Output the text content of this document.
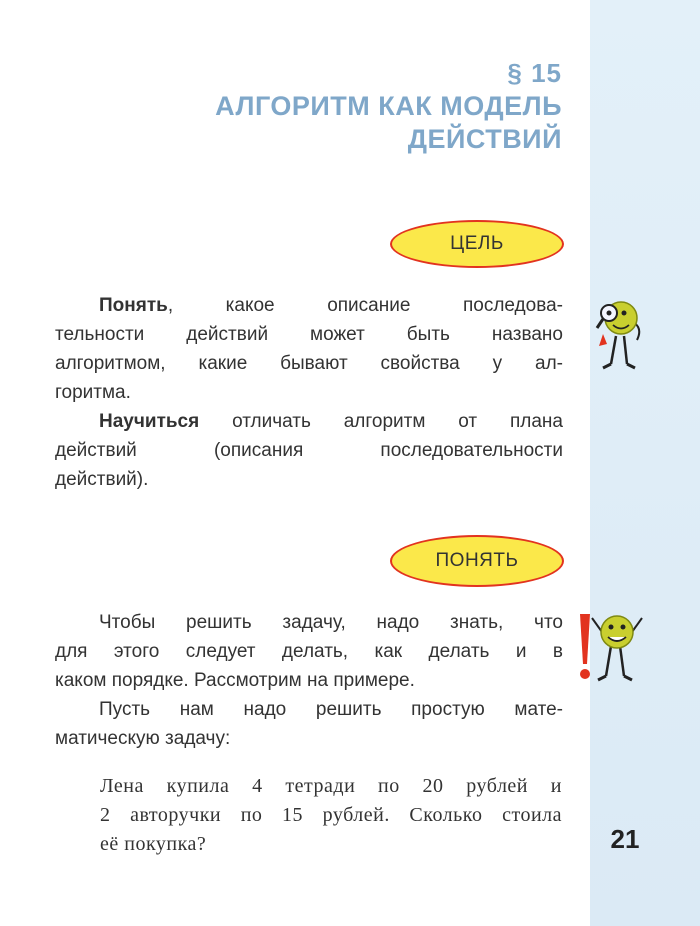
§ 15
АЛГОРИТМ КАК МОДЕЛЬ
ДЕЙСТВИЙ
ЦЕЛЬ

Понять, какое описание последова-

тельности действий может быть названо

алгоритмом, какие бывают свойства у ал-

горитма.

Научиться отличать алгоритм от плана

действий (описания последовательности

действий).

ПОНЯТЬ

Чтобы решить задачу, надо знать, что

для этого следует делать, как делать и в

каком порядке. Рассмотрим на примере.

Пусть нам надо решить простую мате-

матическую задачу:

Лена купила 4 тетради по 20 рублей и
2 авторучки по 15 рублей. Сколько стоила
её покупка?	21
